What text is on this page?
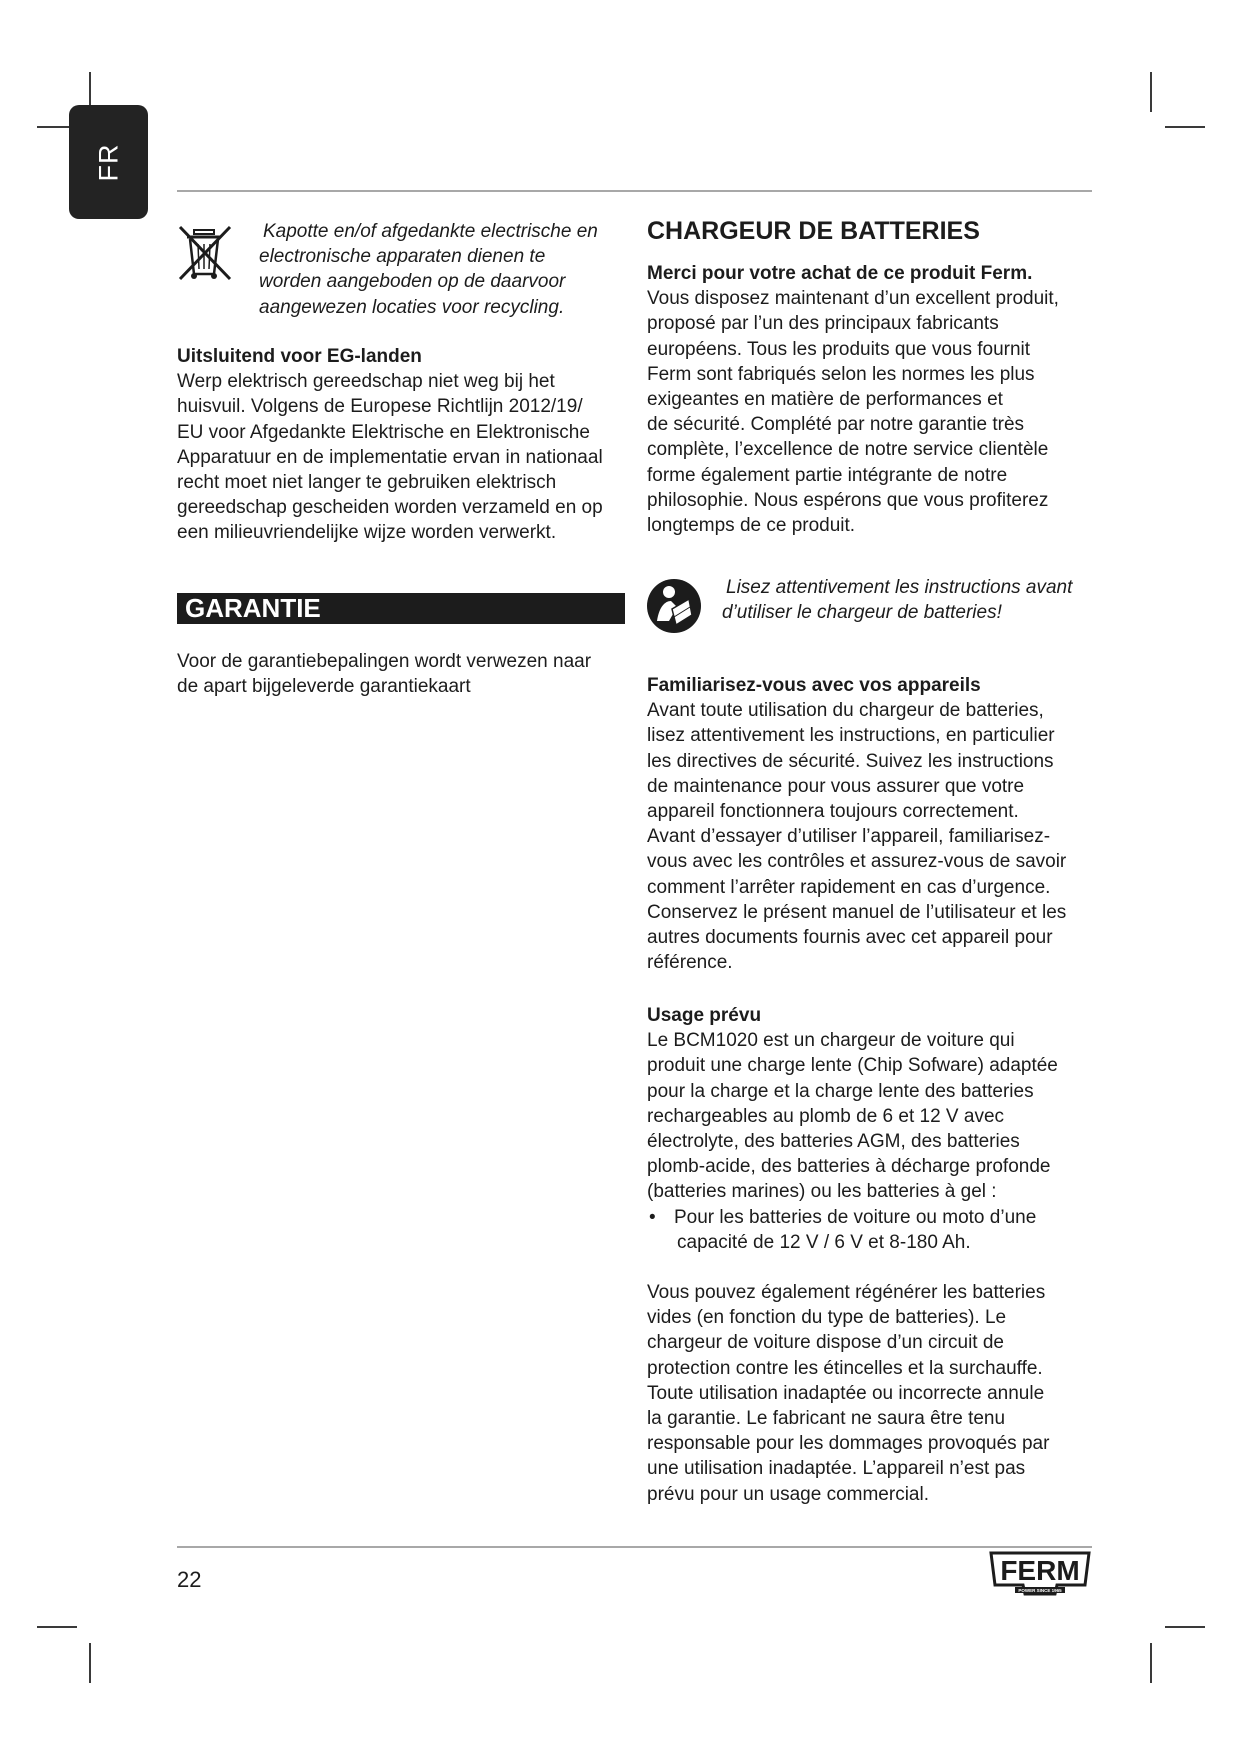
FR

Kapotte en/of afgedankte electrische en

electronische apparaten dienen te

worden aangeboden op de daarvoor

aangewezen locaties voor recycling.

Uitsluitend voor EG-landen

Werp elektrisch gereedschap niet weg bij het

huisvuil. Volgens de Europese Richtlijn 2012/19/

EU voor Afgedankte Elektrische en Elektronische

Apparatuur en de implementatie ervan in nationaal

recht moet niet langer te gebruiken elektrisch

gereedschap gescheiden worden verzameld en op

een milieuvriendelijke wijze worden verwerkt.

GARANTIE

Voor de garantiebepalingen wordt verwezen naar

de apart bijgeleverde garantiekaart

CHARGEUR DE BATTERIES

Merci pour votre achat de ce produit Ferm.

Vous disposez maintenant d’un excellent produit,

proposé par l’un des principaux fabricants

européens. Tous les produits que vous fournit

Ferm sont fabriqués selon les normes les plus

exigeantes en matière de performances et

de sécurité. Complété par notre garantie très

complète, l’excellence de notre service clientèle

forme également partie intégrante de notre

philosophie. Nous espérons que vous profiterez

longtemps de ce produit.

Lisez attentivement les instructions avant

d’utiliser le chargeur de batteries!

Familiarisez-vous avec vos appareils

Avant toute utilisation du chargeur de batteries,

lisez attentivement les instructions, en particulier

les directives de sécurité. Suivez les instructions

de maintenance pour vous assurer que votre

appareil fonctionnera toujours correctement.

Avant d’essayer d’utiliser l’appareil, familiarisez-

vous avec les contrôles et assurez-vous de savoir

comment l’arrêter rapidement en cas d’urgence.

Conservez le présent manuel de l’utilisateur et les

autres documents fournis avec cet appareil pour

référence.

Usage prévu

Le BCM1020 est un chargeur de voiture qui

produit une charge lente (Chip Sofware) adaptée

pour la charge et la charge lente des batteries

rechargeables au plomb de 6 et 12 V avec

électrolyte, des batteries AGM, des batteries

plomb-acide, des batteries à décharge profonde

(batteries marines) ou les batteries à gel :

• Pour les batteries de voiture ou moto d’une

capacité de 12 V / 6 V et 8-180 Ah.

Vous pouvez également régénérer les batteries

vides (en fonction du type de batteries). Le

chargeur de voiture dispose d’un circuit de

protection contre les étincelles et la surchauffe.

Toute utilisation inadaptée ou incorrecte annule

la garantie. Le fabricant ne saura être tenu

responsable pour les dommages provoqués par

une utilisation inadaptée. L’appareil n’est pas

prévu pour un usage commercial.

22	FERM
POWER SINCE 1965
